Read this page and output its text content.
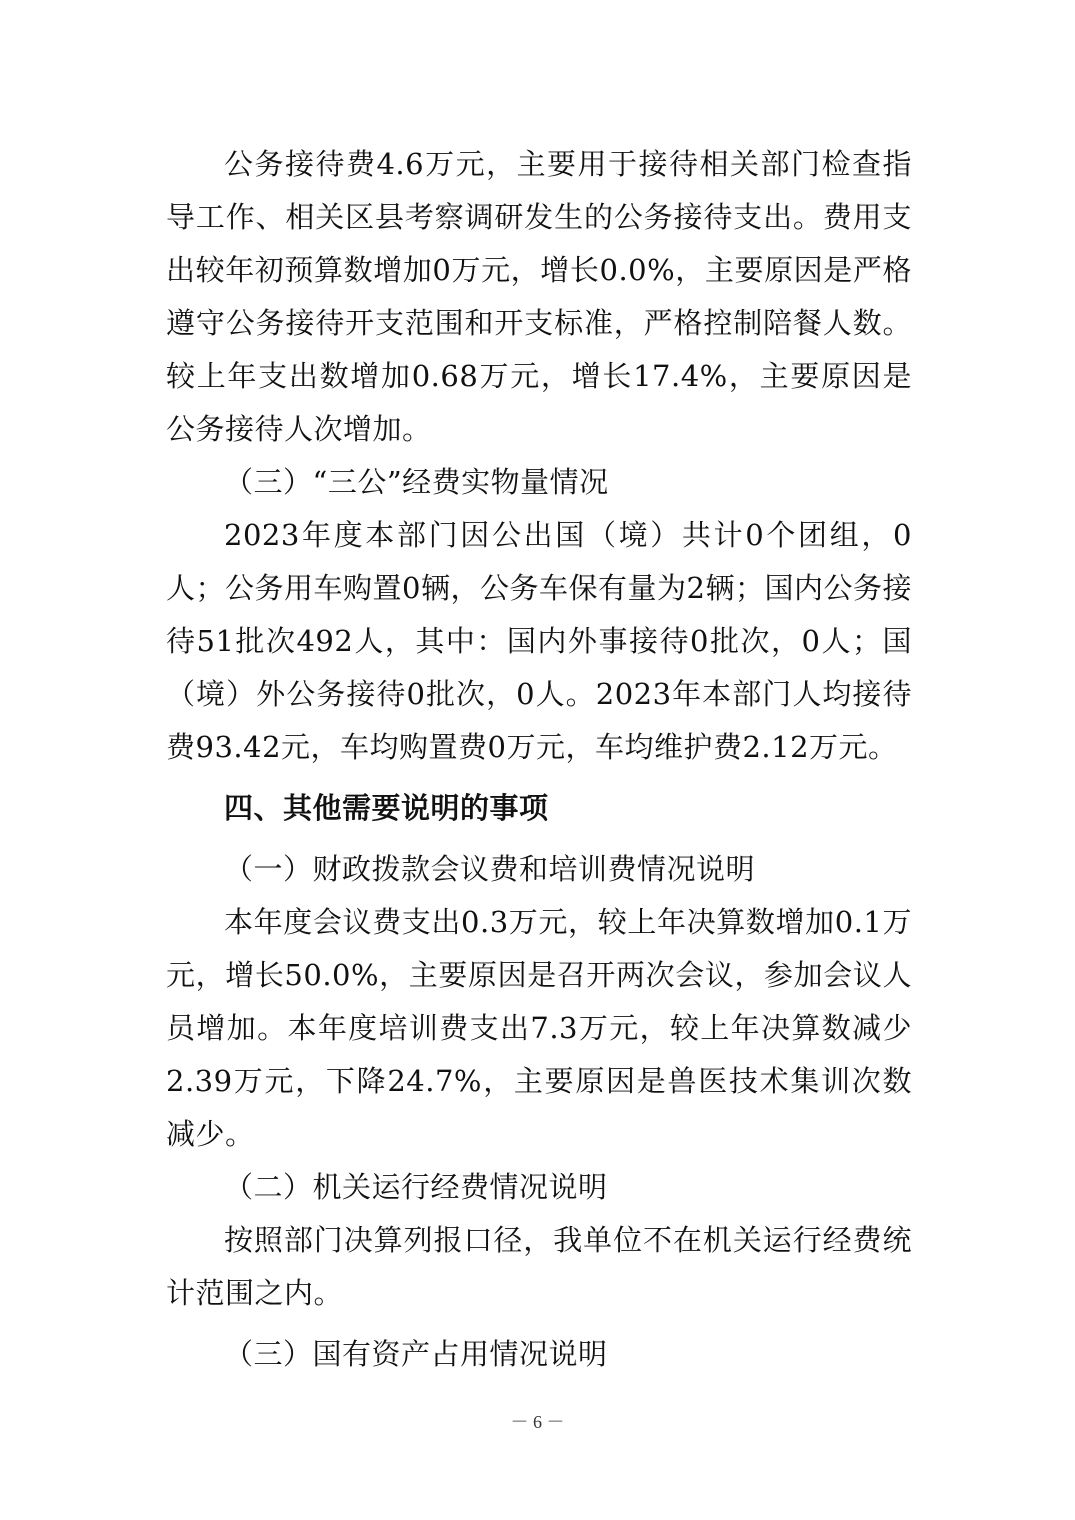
公务接待费4.6万元，主要用于接待相关部门检查指导工作、相关区县考察调研发生的公务接待支出。费用支出较年初预算数增加0万元，增长0.0%，主要原因是严格遵守公务接待开支范围和开支标准，严格控制陪餐人数。较上年支出数增加0.68万元，增长17.4%，主要原因是公务接待人次增加。

（三）“三公”经费实物量情况

2023年度本部门因公出国（境）共计0个团组，0人；公务用车购置0辆，公务车保有量为2辆；国内公务接待51批次492人，其中：国内外事接待0批次，0人；国（境）外公务接待0批次，0人。2023年本部门人均接待费93.42元，车均购置费0万元，车均维护费2.12万元。

四、其他需要说明的事项

（一）财政拨款会议费和培训费情况说明

本年度会议费支出0.3万元，较上年决算数增加0.1万元，增长50.0%，主要原因是召开两次会议，参加会议人员增加。本年度培训费支出7.3万元，较上年决算数减少2.39万元，下降24.7%，主要原因是兽医技术集训次数减少。

（二）机关运行经费情况说明

按照部门决算列报口径，我单位不在机关运行经费统计范围之内。

（三）国有资产占用情况说明

－ 6 －
